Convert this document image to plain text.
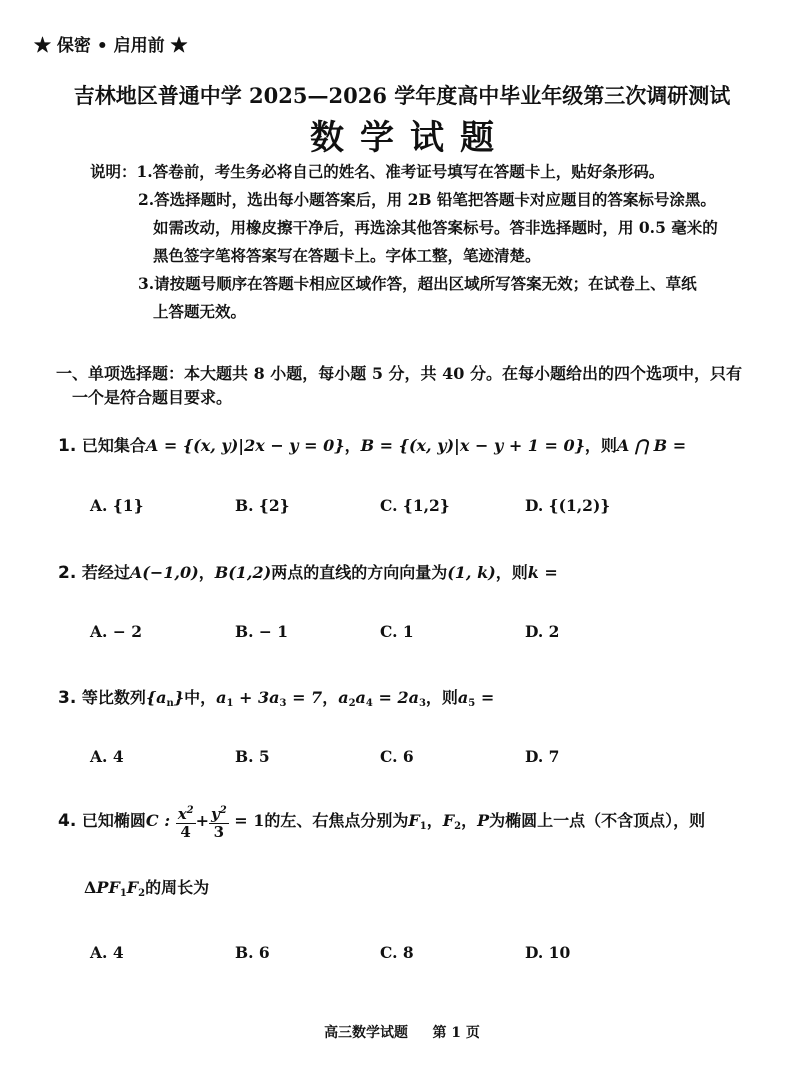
★ 保密 • 启用前 ★
吉林地区普通中学 2025—2026 学年度高中毕业年级第三次调研测试
数学试题
说明：1.答卷前，考生务必将自己的姓名、准考证号填写在答题卡上，贴好条形码。
2.答选择题时，选出每小题答案后，用 2B 铅笔把答题卡对应题目的答案标号涂黑。
如需改动，用橡皮擦干净后，再选涂其他答案标号。答非选择题时，用 0.5 毫米的
黑色签字笔将答案写在答题卡上。字体工整，笔迹清楚。
3.请按题号顺序在答题卡相应区域作答，超出区域所写答案无效；在试卷上、草纸
上答题无效。
一、单项选择题：本大题共 8 小题，每小题 5 分，共 40 分。在每小题给出的四个选项中，只有
一个是符合题目要求。
1. 已知集合A = {(x, y)|2x − y = 0}，B = {(x, y)|x − y + 1 = 0}，则A ⋂ B =
A. {1}	B. {2}	C. {1,2}	D. {(1,2)}
2. 若经过A(−1,0)，B(1,2)两点的直线的方向向量为(1, k)，则k =
A. − 2	B. − 1	C. 1	D. 2
3. 等比数列$\{a_n\}$中，$a_1 + 3a_3 = 7$，$a_2a_4 = 2a_3$，则$a_5$ =
A. 4	B. 5	C. 6	D. 7
4. 已知椭圆C : $\frac{x^2}{4} + \frac{y^2}{3} = 1$的左、右焦点分别为$F_1$，$F_2$，P为椭圆上一点（不含顶点），则
$\Delta PF_1F_2$的周长为
A. 4	B. 6	C. 8	D. 10
高三数学试题 第 1 页
